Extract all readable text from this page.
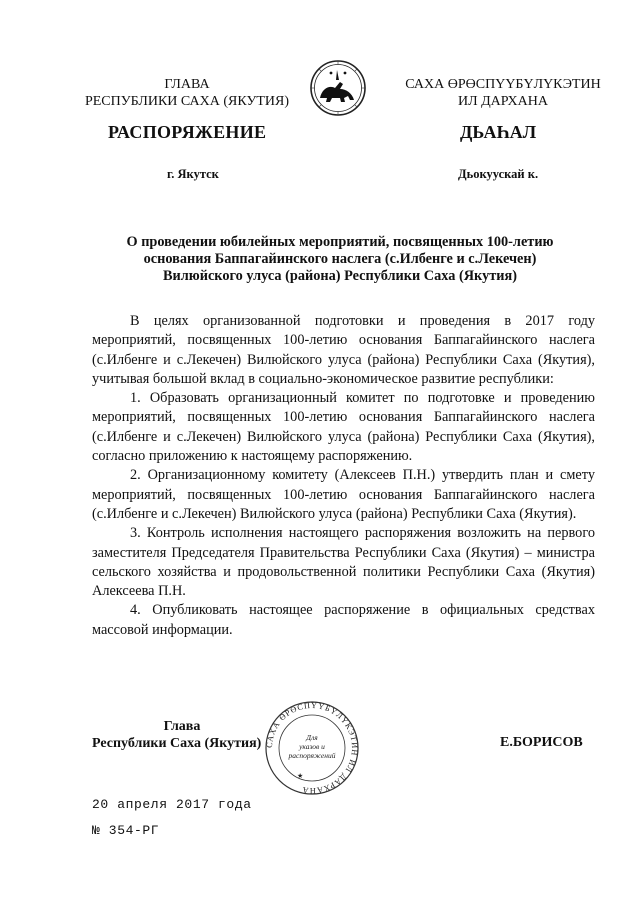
ГЛАВА
РЕСПУБЛИКИ САХА (ЯКУТИЯ)
САХА ӨРӨСПҮҮБҮЛҮКЭТИН
ИЛ ДАРХАНА
РАСПОРЯЖЕНИЕ	ДЬАҺАЛ
г. Якутск	Дьокуускай к.
О проведении юбилейных мероприятий, посвященных 100-летию
основания Баппагайинского наслега (с.Илбенге и с.Лекечен)
Вилюйского улуса (района) Республики Саха (Якутия)

В целях организованной подготовки и проведения в 2017 году мероприятий, посвященных 100-летию основания Баппагайинского наслега (с.Илбенге и с.Лекечен) Вилюйского улуса (района) Республики Саха (Якутия), учитывая большой вклад в социально-экономическое развитие республики:

1. Образовать организационный комитет по подготовке и проведению мероприятий, посвященных 100-летию основания Баппагайинского наслега (с.Илбенге и с.Лекечен) Вилюйского улуса (района) Республики Саха (Якутия), согласно приложению к настоящему распоряжению.

2. Организационному комитету (Алексеев П.Н.) утвердить план и смету мероприятий, посвященных 100-летию основания Баппагайинского наслега (с.Илбенге и с.Лекечен) Вилюйского улуса (района) Республики Саха (Якутия).

3. Контроль исполнения настоящего распоряжения возложить на первого заместителя Председателя Правительства Республики Саха (Якутия) – министра сельского хозяйства и продовольственной политики Республики Саха (Якутия) Алексеева П.Н.

4. Опубликовать настоящее распоряжение в официальных средствах массовой информации.

Глава
Республики Саха (Якутия) САХА ӨРӨСПҮҮБҮЛҮКЭТИН ИЛ ДАРХАНА
Для
указов и
распоряжений
★
Е.БОРИСОВ
20 апреля 2017 года
№ 354-РГ
